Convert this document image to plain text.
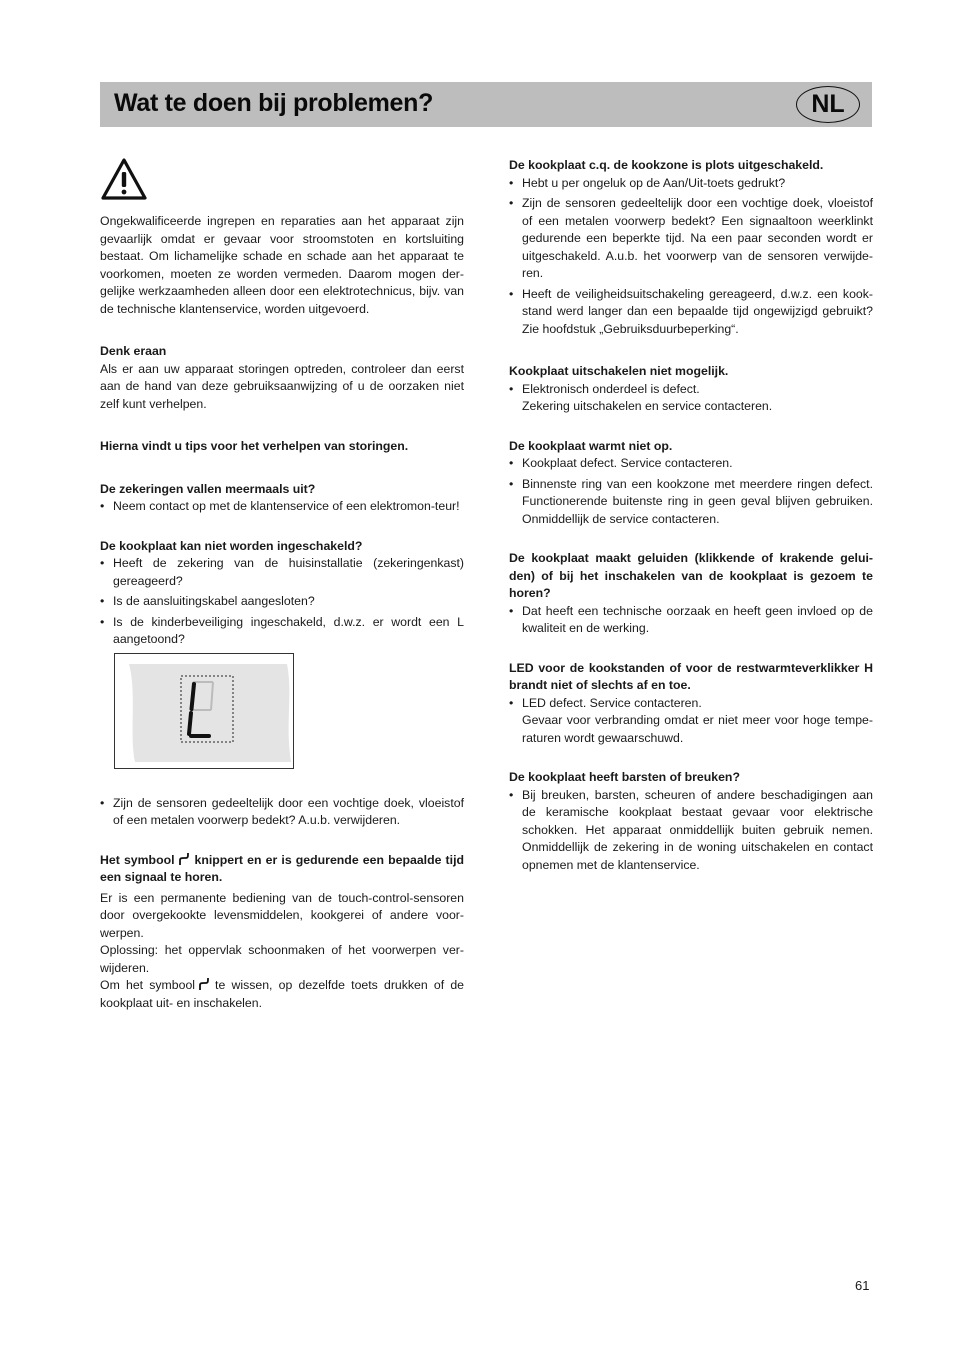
Wat te doen bij problemen?	NL

Ongekwalificeerde ingrepen en reparaties aan het apparaat zijn gevaarlijk omdat er gevaar voor stroomstoten en kortsluiting bestaat. Om lichamelijke schade en schade aan het apparaat te voorkomen, moeten ze worden vermeden. Daarom mogen der-gelijke werkzaamheden alleen door een elektrotechnicus, bijv. van de technische klantenservice, worden uitgevoerd.

Denk eraan

Als er aan uw apparaat storingen optreden, controleer dan eerst aan de hand van deze gebruiksaanwijzing of u de oorzaken niet zelf kunt verhelpen.

Hierna vindt u tips voor het verhelpen van storingen.
De zekeringen vallen meermaals uit?
• Neem contact op met de klantenservice of een elektromon-teur!
De kookplaat kan niet worden ingeschakeld?
• Heeft de zekering van de huisinstallatie (zekeringenkast) gereageerd?
• Is de aansluitingskabel aangesloten?
• Is de kinderbeveiliging ingeschakeld, d.w.z. er wordt een L aangetoond?
• Zijn de sensoren gedeeltelijk door een vochtige doek, vloeistof of een metalen voorwerp bedekt? A.u.b. verwijderen.
Het symbool knippert en er is gedurende een bepaalde tijd een signaal te horen.

Er is een permanente bediening van de touch-control-sensoren door overgekookte levensmiddelen, kookgerei of andere voor-werpen.

Oplossing: het oppervlak schoonmaken of het voorwerpen ver-wijderen.

Om het symbool te wissen, op dezelfde toets drukken of de kookplaat uit- en inschakelen.

De kookplaat c.q. de kookzone is plots uitgeschakeld.
• Hebt u per ongeluk op de Aan/Uit-toets gedrukt?
• Zijn de sensoren gedeeltelijk door een vochtige doek, vloeistof of een metalen voorwerp bedekt? Een signaaltoon weerklinkt gedurende een beperkte tijd. Na een paar seconden wordt er uitgeschakeld. A.u.b. het voorwerp van de sensoren verwijde-ren.
• Heeft de veiligheidsuitschakeling gereageerd, d.w.z. een kook-stand werd langer dan een bepaalde tijd ongewijzigd gebruikt? Zie hoofdstuk „Gebruiksduurbeperking“.
Kookplaat uitschakelen niet mogelijk.
• Elektronisch onderdeel is defect.
Zekering uitschakelen en service contacteren.
De kookplaat warmt niet op.
• Kookplaat defect. Service contacteren.
• Binnenste ring van een kookzone met meerdere ringen defect. Functionerende buitenste ring in geen geval blijven gebruiken. Onmiddellijk de service contacteren.
De kookplaat maakt geluiden (klikkende of krakende gelui-den) of bij het inschakelen van de kookplaat is gezoem te horen?
• Dat heeft een technische oorzaak en heeft geen invloed op de kwaliteit en de werking.
LED voor de kookstanden of voor de restwarmteverklikker H brandt niet of slechts af en toe.
• LED defect. Service contacteren.
Gevaar voor verbranding omdat er niet meer voor hoge tempe-raturen wordt gewaarschuwd.
De kookplaat heeft barsten of breuken?
• Bij breuken, barsten, scheuren of andere beschadigingen aan de keramische kookplaat bestaat gevaar voor elektrische schokken. Het apparaat onmiddellijk buiten gebruik nemen. Onmiddellijk de zekering in de woning uitschakelen en contact opnemen met de klantenservice.
61
